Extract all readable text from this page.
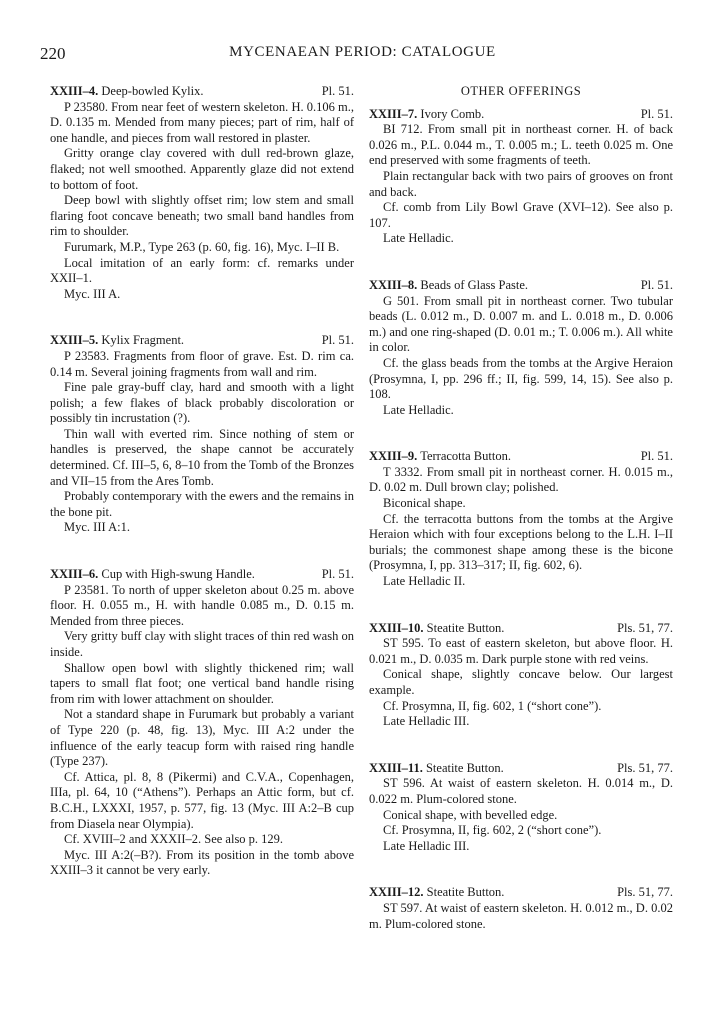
220	MYCENAEAN PERIOD: CATALOGUE
XXIII–4. Deep-bowled Kylix.	Pl. 51.

P 23580. From near feet of western skeleton. H. 0.106 m., D. 0.135 m. Mended from many pieces; part of rim, half of one handle, and pieces from wall restored in plaster.

Gritty orange clay covered with dull red-brown glaze, flaked; not well smoothed. Apparently glaze did not extend to bottom of foot.

Deep bowl with slightly offset rim; low stem and small flaring foot concave beneath; two small band handles from rim to shoulder.

Furumark, M.P., Type 263 (p. 60, fig. 16), Myc. I–II B.

Local imitation of an early form: cf. remarks under XXII–1.

Myc. III A.

XXIII–5. Kylix Fragment.	Pl. 51.

P 23583. Fragments from floor of grave. Est. D. rim ca. 0.14 m. Several joining fragments from wall and rim.

Fine pale gray-buff clay, hard and smooth with a light polish; a few flakes of black probably discoloration or possibly tin incrustation (?).

Thin wall with everted rim. Since nothing of stem or handles is preserved, the shape cannot be accurately determined. Cf. III–5, 6, 8–10 from the Tomb of the Bronzes and VII–15 from the Ares Tomb.

Probably contemporary with the ewers and the remains in the bone pit.

Myc. III A:1.

XXIII–6. Cup with High-swung Handle.	Pl. 51.

P 23581. To north of upper skeleton about 0.25 m. above floor. H. 0.055 m., H. with handle 0.085 m., D. 0.15 m. Mended from three pieces.

Very gritty buff clay with slight traces of thin red wash on inside.

Shallow open bowl with slightly thickened rim; wall tapers to small flat foot; one vertical band handle rising from rim with lower attachment on shoulder.

Not a standard shape in Furumark but probably a variant of Type 220 (p. 48, fig. 13), Myc. III A:2 under the influence of the early teacup form with raised ring handle (Type 237).

Cf. Attica, pl. 8, 8 (Pikermi) and C.V.A., Copenhagen, IIIa, pl. 64, 10 (“Athens”). Perhaps an Attic form, but cf. B.C.H., LXXXI, 1957, p. 577, fig. 13 (Myc. III A:2–B cup from Diasela near Olympia).

Cf. XVIII–2 and XXXII–2. See also p. 129.

Myc. III A:2(–B?). From its position in the tomb above XXIII–3 it cannot be very early.

OTHER OFFERINGS
XXIII–7. Ivory Comb.	Pl. 51.

BI 712. From small pit in northeast corner. H. of back 0.026 m., P.L. 0.044 m., T. 0.005 m.; L. teeth 0.025 m. One end preserved with some fragments of teeth.

Plain rectangular back with two pairs of grooves on front and back.

Cf. comb from Lily Bowl Grave (XVI–12). See also p. 107.

Late Helladic.

XXIII–8. Beads of Glass Paste.	Pl. 51.

G 501. From small pit in northeast corner. Two tubular beads (L. 0.012 m., D. 0.007 m. and L. 0.018 m., D. 0.006 m.) and one ring-shaped (D. 0.01 m.; T. 0.006 m.). All white in color.

Cf. the glass beads from the tombs at the Argive Heraion (Prosymna, I, pp. 296 ff.; II, fig. 599, 14, 15). See also p. 108.

Late Helladic.

XXIII–9. Terracotta Button.	Pl. 51.

T 3332. From small pit in northeast corner. H. 0.015 m., D. 0.02 m. Dull brown clay; polished.

Biconical shape.

Cf. the terracotta buttons from the tombs at the Argive Heraion which with four exceptions belong to the L.H. I–II burials; the commonest shape among these is the bicone (Prosymna, I, pp. 313–317; II, fig. 602, 6).

Late Helladic II.

XXIII–10. Steatite Button.	Pls. 51, 77.

ST 595. To east of eastern skeleton, but above floor. H. 0.021 m., D. 0.035 m. Dark purple stone with red veins.

Conical shape, slightly concave below. Our largest example.

Cf. Prosymna, II, fig. 602, 1 (“short cone”).

Late Helladic III.

XXIII–11. Steatite Button.	Pls. 51, 77.

ST 596. At waist of eastern skeleton. H. 0.014 m., D. 0.022 m. Plum-colored stone.

Conical shape, with bevelled edge.

Cf. Prosymna, II, fig. 602, 2 (“short cone”).

Late Helladic III.

XXIII–12. Steatite Button.	Pls. 51, 77.

ST 597. At waist of eastern skeleton. H. 0.012 m., D. 0.02 m. Plum-colored stone.
